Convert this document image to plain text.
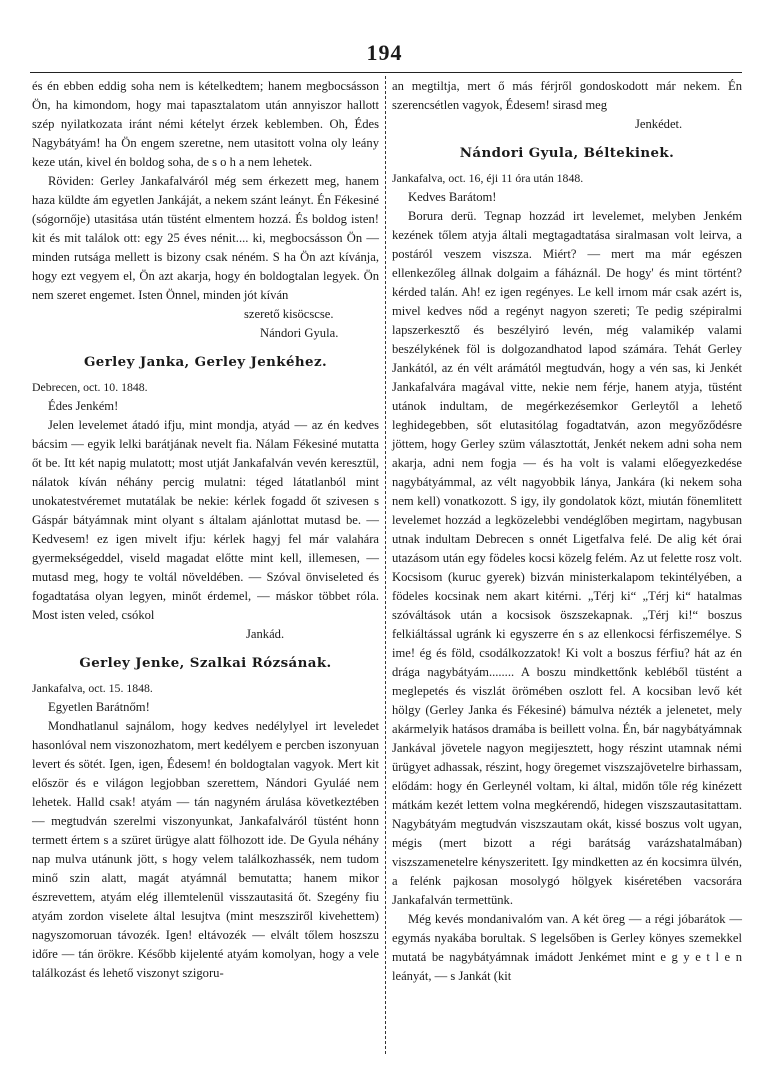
194

és én ebben eddig soha nem is kételkedtem; hanem megbocsásson Ön, ha kimondom, hogy mai tapasztalatom után annyiszor hallott szép nyilatkozata iránt némi kételyt érzek keblemben. Oh, Édes Nagybátyám! ha Ön engem szeretne, nem utasitott volna oly leány keze után, kivel én boldog soha, de s o h a nem lehetek.

Röviden: Gerley Jankafalváról még sem érkezett meg, hanem haza küldte ám egyetlen Jankáját, a nekem szánt leányt. Én Fékesiné (sógornője) utasitása után tüstént elmentem hozzá. És boldog isten! kit és mit találok ott: egy 25 éves nénit.... ki, megbocsásson Ön — minden rutsága mellett is bizony csak néném. S ha Ön azt kívánja, hogy ezt vegyem el, Ön azt akarja, hogy én boldogtalan legyek. Ön nem szeret engemet. Isten Önnel, minden jót kíván

szerető kisöcscse.

Nándori Gyula.

Gerley Janka, Gerley Jenkéhez.

Debrecen, oct. 10. 1848.

Édes Jenkém!

Jelen levelemet átadó ifju, mint mondja, atyád — az én kedves bácsim — egyik lelki barátjának nevelt fia. Nálam Fékesiné mutatta őt be. Itt két napig mulatott; most utját Jankafalván vevén keresztül, nálatok kíván néhány percig mulatni: téged látatlanból mint unokatestvéremet mutatálak be nekie: kérlek fogadd őt szivesen s Gáspár bátyámnak mint olyant s általam ajánlottat mutasd be. — Kedvesem! ez igen mivelt ifju: kérlek hagyj fel már valahára gyermekségeddel, viseld magadat előtte mint kell, illemesen, — mutasd meg, hogy te voltál növeldében. — Szóval önviseleted és fogadtatása olyan legyen, minőt érdemel, — máskor többet róla. Most isten veled, csókol

Jankád.

Gerley Jenke, Szalkai Rózsának.

Jankafalva, oct. 15. 1848.

Egyetlen Barátnőm!

Mondhatlanul sajnálom, hogy kedves nedélylyel irt leveledet hasonlóval nem viszonozhatom, mert kedélyem e percben iszonyuan levert és sötét. Igen, igen, Édesem! én boldogtalan vagyok. Mert kit először és e világon legjobban szerettem, Nándori Gyuláé nem lehetek. Halld csak! atyám — tán nagyném árulása következtében — megtudván szerelmi viszonyunkat, Jankafalváról tüstént honn termett értem s a szüret ürügye alatt fölhozott ide. De Gyula néhány nap mulva utánunk jött, s hogy velem találkozhassék, nem tudom minő szin alatt, magát atyámnál bemutatta; hanem mikor észrevettem, atyám elég illemtelenül visszautasitá őt. Szegény fiu atyám zordon viselete által lesujtva (mint meszsziről kivehettem) nagyszomoruan távozék. Igen! eltávozék — elvált tőlem hoszszu időre — tán örökre. Később kijelenté atyám komolyan, hogy a vele találkozást és lehető viszonyt szigoru-

an megtiltja, mert ő más férjről gondoskodott már nekem. Én szerencsétlen vagyok, Édesem! sirasd meg

Jenkédet.

Nándori Gyula, Béltekinek.

Jankafalva, oct. 16, éji 11 óra után 1848.

Kedves Barátom!

Borura derü. Tegnap hozzád irt levelemet, melyben Jenkém kezének tőlem atyja általi megtagadtatása siralmasan volt leirva, a postáról veszem viszsza. Miért? — mert ma már egészen ellenkezőleg állnak dolgaim a fáháznál. De hogy' és mint történt? kérded talán. Ah! ez igen regényes. Le kell irnom már csak azért is, mivel kedves nőd a regényt nagyon szereti; Te pedig szépiralmi lapszerkesztő és beszélyiró levén, még valamikép valami beszélykének föl is dolgozandhatod lapod számára. Tehát Gerley Jankától, az én vélt arámától megtudván, hogy a vén sas, ki Jenkét Jankafalvára magával vitte, nekie nem férje, hanem atyja, tüstént utánok indultam, de megérkezésemkor Gerleytől a lehető leghidegebben, sőt elutasitólag fogadtatván, azon megyőződésre jöttem, hogy Gerley szüm választottát, Jenkét nekem adni soha nem akarja, adni nem fogja — és ha volt is valami előegyezkedése nagybátyámmal, az vélt nagyobbik lánya, Jankára (ki nekem soha nem kell) vonatkozott. S igy, ily gondolatok közt, miután fönemlitett levelemet hozzád a legközelebbi vendéglőben megirtam, nagybusan utnak indultam Debrecen s onnét Ligetfalva felé. De alig két órai utazásom után egy födeles kocsi közelg felém. Az ut felette rosz volt. Kocsisom (kuruc gyerek) bizván ministerkalapom tekintélyében, a födeles kocsinak nem akart kitérni. „Térj ki“ „Térj ki“ hatalmas szóváltások után a kocsisok öszszekapnak. „Térj ki!“ boszus felkiáltással ugránk ki egyszerre én s az ellenkocsi férfiszemélye. S ime! ég és föld, csodálkozzatok! Ki volt a boszus férfiu? hát az én drága nagybátyám........ A boszu mindkettőnk kebléből tüstént a meglepetés és viszlát örömében oszlott fel. A kocsiban levő két hölgy (Gerley Janka és Fékesiné) bámulva nézték a jelenetet, mely akármelyik hatásos dramába is beillett volna. Én, bár nagybátyámnak Jankával jövetele nagyon megijesztett, hogy részint utamnak némi ürügyet adhassak, részint, hogy öregemet viszszajövetelre birhassam, elődám: hogy én Gerleynél voltam, ki által, midőn tőle rég kinézett mátkám kezét lettem volna megkérendő, hidegen viszszautasitattam. Nagybátyám megtudván viszszautam okát, kissé boszus volt ugyan, mégis (mert bizott a régi barátság varázshatalmában) viszszamenetelre kényszeritett. Igy mindketten az én kocsimra ülvén, a felénk pajkosan mosolygó hölgyek kiséretében vacsorára Jankafalván termettünk.

Még kevés mondanivalóm van. A két öreg — a régi jóbarátok — egymás nyakába borultak. S legelsőben is Gerley könyes szemekkel mutatá be nagybátyámnak imádott Jenkémet mint e g y e t l e n leányát, — s Jankát (kit
